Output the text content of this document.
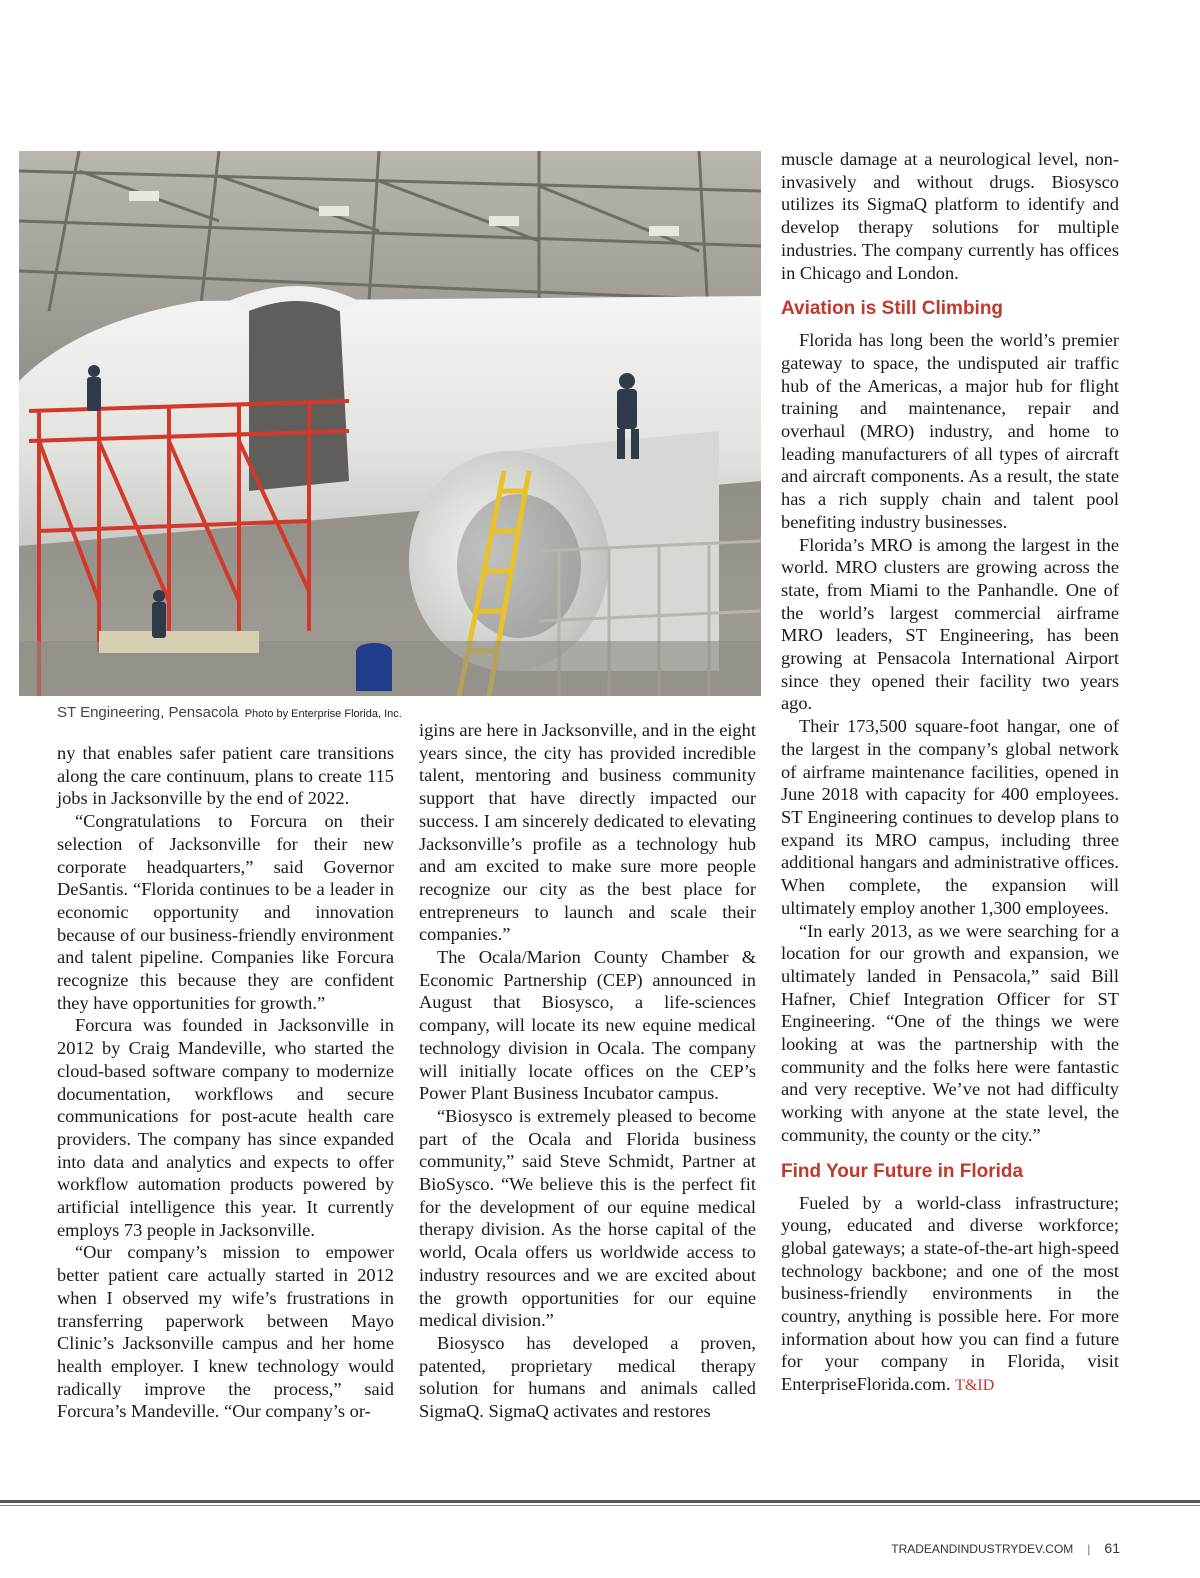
ST Engineering, Pensacola Photo by Enterprise Florida, Inc.

ny that enables safer patient care transitions along the care continuum, plans to create 115 jobs in Jacksonville by the end of 2022.

“Congratulations to Forcura on their selection of Jacksonville for their new corporate headquarters,” said Governor DeSantis. “Florida continues to be a leader in economic opportunity and innovation because of our business-friendly environment and talent pipeline. Companies like Forcura recognize this because they are confident they have opportunities for growth.”

Forcura was founded in Jacksonville in 2012 by Craig Mandeville, who started the cloud-based software company to modernize documentation, workflows and secure communications for post-acute health care providers. The company has since expanded into data and analytics and expects to offer workflow automation products powered by artificial intelligence this year. It currently employs 73 people in Jacksonville.

“Our company’s mission to empower better patient care actually started in 2012 when I observed my wife’s frustrations in transferring paperwork between Mayo Clinic’s Jacksonville campus and her home health employer. I knew technology would radically improve the process,” said Forcura’s Mandeville. “Our company’s or-

igins are here in Jacksonville, and in the eight years since, the city has provided incredible talent, mentoring and business community support that have directly impacted our success. I am sincerely dedicated to elevating Jacksonville’s profile as a technology hub and am excited to make sure more people recognize our city as the best place for entrepreneurs to launch and scale their companies.”

The Ocala/Marion County Chamber & Economic Partnership (CEP) announced in August that Biosysco, a life-sciences company, will locate its new equine medical technology division in Ocala. The company will initially locate offices on the CEP’s Power Plant Business Incubator campus.

“Biosysco is extremely pleased to become part of the Ocala and Florida business community,” said Steve Schmidt, Partner at BioSysco. “We believe this is the perfect fit for the development of our equine medical therapy division. As the horse capital of the world, Ocala offers us worldwide access to industry resources and we are excited about the growth opportunities for our equine medical division.”

Biosysco has developed a proven, patented, proprietary medical therapy solution for humans and animals called SigmaQ. SigmaQ activates and restores

muscle damage at a neurological level, non-invasively and without drugs. Biosysco utilizes its SigmaQ platform to identify and develop therapy solutions for multiple industries. The company currently has offices in Chicago and London.

Aviation is Still Climbing

Florida has long been the world’s premier gateway to space, the undisputed air traffic hub of the Americas, a major hub for flight training and maintenance, repair and overhaul (MRO) industry, and home to leading manufacturers of all types of aircraft and aircraft components. As a result, the state has a rich supply chain and talent pool benefiting industry businesses.

Florida’s MRO is among the largest in the world. MRO clusters are growing across the state, from Miami to the Panhandle. One of the world’s largest commercial airframe MRO leaders, ST Engineering, has been growing at Pensacola International Airport since they opened their facility two years ago.

Their 173,500 square-foot hangar, one of the largest in the company’s global network of airframe maintenance facilities, opened in June 2018 with capacity for 400 employees. ST Engineering continues to develop plans to expand its MRO campus, including three additional hangars and administrative offices. When complete, the expansion will ultimately employ another 1,300 employees.

“In early 2013, as we were searching for a location for our growth and expansion, we ultimately landed in Pensacola,” said Bill Hafner, Chief Integration Officer for ST Engineering. “One of the things we were looking at was the partnership with the community and the folks here were fantastic and very receptive. We’ve not had difficulty working with anyone at the state level, the community, the county or the city.”

Find Your Future in Florida

Fueled by a world-class infrastructure; young, educated and diverse workforce; global gateways; a state-of-the-art high-speed technology backbone; and one of the most business-friendly environments in the country, anything is possible here. For more information about how you can find a future for your company in Florida, visit EnterpriseFlorida.com. T&ID

TRADEANDINDUSTRYDEV.COM | 61
